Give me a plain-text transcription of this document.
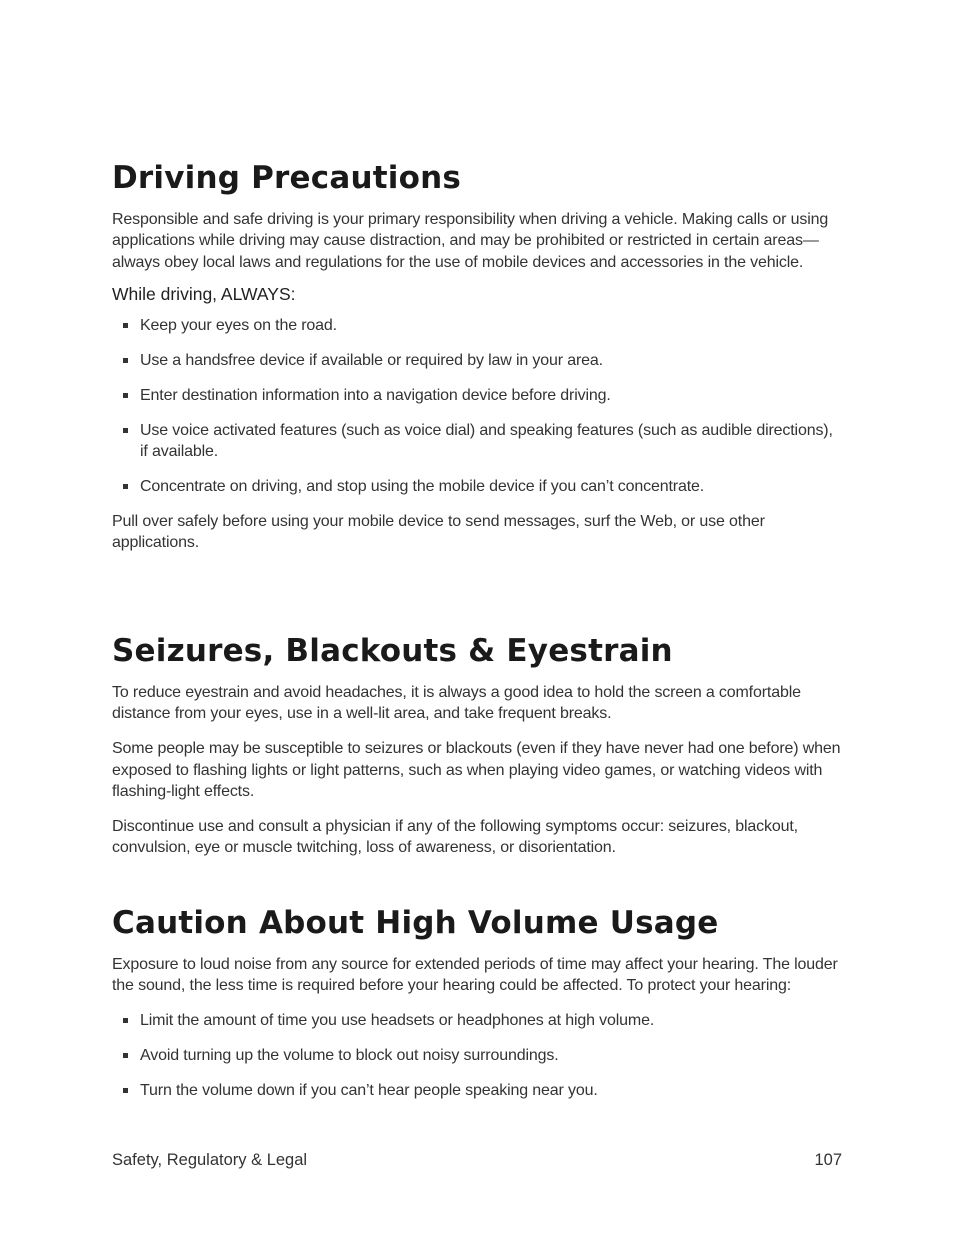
Driving Precautions

Responsible and safe driving is your primary responsibility when driving a vehicle. Making calls or using applications while driving may cause distraction, and may be prohibited or restricted in certain areas—always obey local laws and regulations for the use of mobile devices and accessories in the vehicle.

While driving, ALWAYS:
Keep your eyes on the road.
Use a handsfree device if available or required by law in your area.
Enter destination information into a navigation device before driving.
Use voice activated features (such as voice dial) and speaking features (such as audible directions), if available.
Concentrate on driving, and stop using the mobile device if you can’t concentrate.

Pull over safely before using your mobile device to send messages, surf the Web, or use other applications.

Seizures, Blackouts & Eyestrain

To reduce eyestrain and avoid headaches, it is always a good idea to hold the screen a comfortable distance from your eyes, use in a well-lit area, and take frequent breaks.

Some people may be susceptible to seizures or blackouts (even if they have never had one before) when exposed to flashing lights or light patterns, such as when playing video games, or watching videos with flashing-light effects.

Discontinue use and consult a physician if any of the following symptoms occur: seizures, blackout, convulsion, eye or muscle twitching, loss of awareness, or disorientation.

Caution About High Volume Usage

Exposure to loud noise from any source for extended periods of time may affect your hearing. The louder the sound, the less time is required before your hearing could be affected. To protect your hearing:

Limit the amount of time you use headsets or headphones at high volume.
Avoid turning up the volume to block out noisy surroundings.
Turn the volume down if you can’t hear people speaking near you.
Safety, Regulatory & Legal	107
